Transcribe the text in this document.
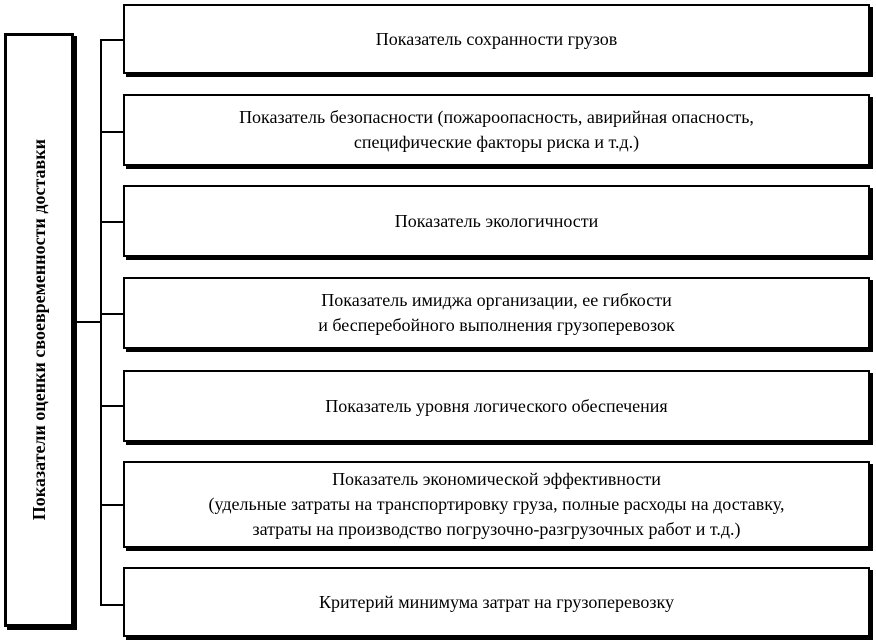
Показатели оценки своевременности доставки
Показатель сохранности грузов
Показатель безопасности (пожароопасность, авирийная опасность,
специфические факторы риска и т.д.)
Показатель экологичности
Показатель имиджа организации, ее гибкости
и бесперебойного выполнения грузоперевозок
Показатель уровня логического обеспечения
Показатель экономической эффективности
(удельные затраты на транспортировку груза, полные расходы на доставку,
затраты на производство погрузочно-разгрузочных работ и т.д.)
Критерий минимума затрат на грузоперевозку
